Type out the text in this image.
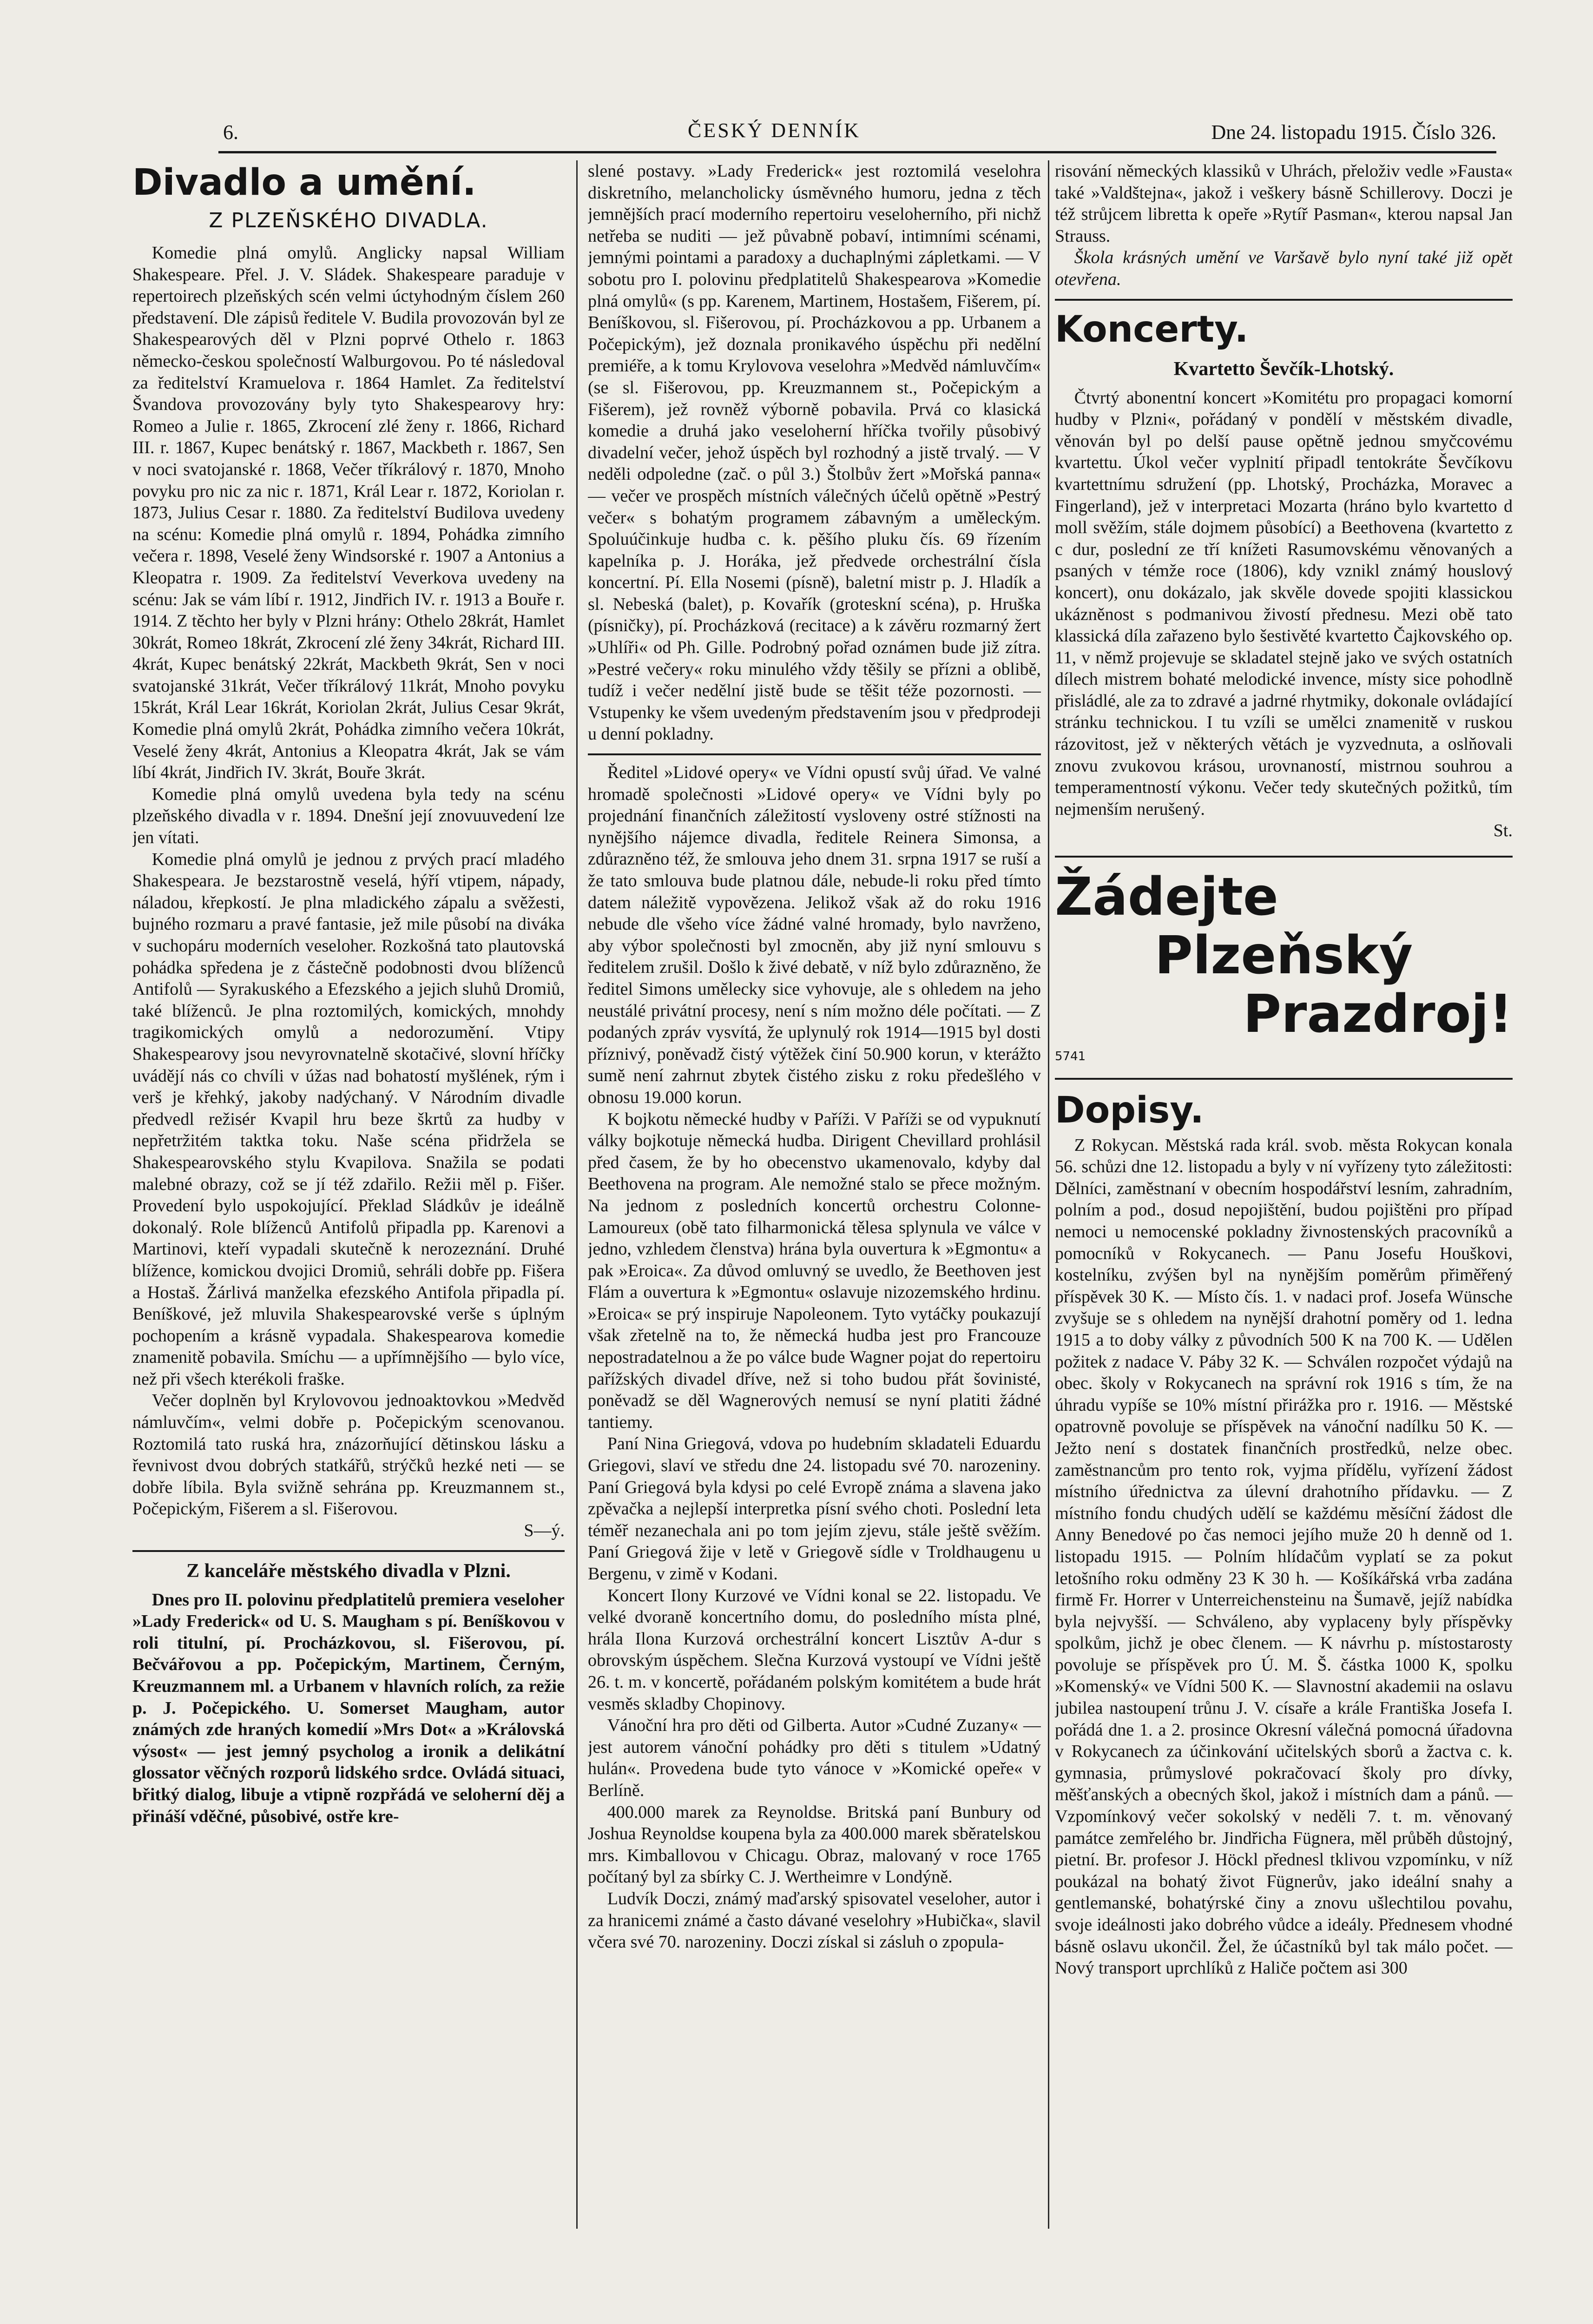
6.	ČESKÝ DENNÍK	Dne 24. listopadu 1915. Číslo 326.
Divadlo a umění.
Z PLZEŇSKÉHO DIVADLA.

Komedie plná omylů. Anglicky napsal William Shakespeare. Přel. J. V. Sládek. Shakespeare paraduje v repertoirech plzeňských scén velmi úctyhodným číslem 260 představení. Dle zápisů ředitele V. Budila provozován byl ze Shakespearových děl v Plzni poprvé Othelo r. 1863 německo-českou společností Walburgovou. Po té následoval za ředitelství Kramuelova r. 1864 Hamlet. Za ředitelství Švandova provozovány byly tyto Shakespearovy hry: Romeo a Julie r. 1865, Zkrocení zlé ženy r. 1866, Richard III. r. 1867, Kupec benátský r. 1867, Mackbeth r. 1867, Sen v noci svatojanské r. 1868, Večer tříkrálový r. 1870, Mnoho povyku pro nic za nic r. 1871, Král Lear r. 1872, Koriolan r. 1873, Julius Cesar r. 1880. Za ředitelství Budilova uvedeny na scénu: Komedie plná omylů r. 1894, Pohádka zimního večera r. 1898, Veselé ženy Windsorské r. 1907 a Antonius a Kleopatra r. 1909. Za ředitelství Veverkova uvedeny na scénu: Jak se vám líbí r. 1912, Jindřich IV. r. 1913 a Bouře r. 1914. Z těchto her byly v Plzni hrány: Othelo 28krát, Hamlet 30krát, Romeo 18krát, Zkrocení zlé ženy 34krát, Richard III. 4krát, Kupec benátský 22krát, Mackbeth 9krát, Sen v noci svatojanské 31krát, Večer tříkrálový 11krát, Mnoho povyku 15krát, Král Lear 16krát, Koriolan 2krát, Julius Cesar 9krát, Komedie plná omylů 2krát, Pohádka zimního večera 10krát, Veselé ženy 4krát, Antonius a Kleopatra 4krát, Jak se vám líbí 4krát, Jindřich IV. 3krát, Bouře 3krát.

Komedie plná omylů uvedena byla tedy na scénu plzeňského divadla v r. 1894. Dnešní její znovuuvedení lze jen vítati.

Komedie plná omylů je jednou z prvých prací mladého Shakespeara. Je bezstarostně veselá, hýří vtipem, nápady, náladou, křepkostí. Je plna mladického zápalu a svěžesti, bujného rozmaru a pravé fantasie, jež mile působí na diváka v suchopáru moderních veseloher. Rozkošná tato plautovská pohádka spředena je z částečně podobnosti dvou blíženců Antifolů — Syrakuského a Efezského a jejich sluhů Dromiů, také blíženců. Je plna roztomilých, komických, mnohdy tragikomických omylů a nedorozumění. Vtipy Shakespearovy jsou nevyrovnatelně skotačivé, slovní hříčky uvádějí nás co chvíli v úžas nad bohatostí myšlének, rým i verš je křehký, jakoby nadýchaný. V Národním divadle předvedl režisér Kvapil hru beze škrtů za hudby v nepřetržitém taktka toku. Naše scéna přidržela se Shakespearovského stylu Kvapilova. Snažila se podati malebné obrazy, což se jí též zdařilo. Režii měl p. Fišer. Provedení bylo uspokojující. Překlad Sládkův je ideálně dokonalý. Role blíženců Antifolů připadla pp. Karenovi a Martinovi, kteří vypadali skutečně k nerozeznání. Druhé blížence, komickou dvojici Dromiů, sehráli dobře pp. Fišera a Hostaš. Žárlivá manželka efezského Antifola připadla pí. Beníškové, jež mluvila Shakespearovské verše s úplným pochopením a krásně vypadala. Shakespearova komedie znamenitě pobavila. Smíchu — a upřímnějšího — bylo více, než při všech kterékoli fraške.

Večer doplněn byl Krylovovou jednoaktovkou »Medvěd námluvčím«, velmi dobře p. Počepickým scenovanou. Roztomilá tato ruská hra, znázorňující dětinskou lásku a řevnivost dvou dobrých statkářů, strýčků hezké neti — se dobře líbila. Byla svižně sehrána pp. Kreuzmannem st., Počepickým, Fišerem a sl. Fišerovou.

S—ý.

Z kanceláře městského divadla v Plzni.

Dnes pro II. polovinu předplatitelů premiera veseloher »Lady Frederick« od U. S. Maugham s pí. Beníškovou v roli titulní, pí. Procházkovou, sl. Fišerovou, pí. Bečvářovou a pp. Počepickým, Martinem, Černým, Kreuzmannem ml. a Urbanem v hlavních rolích, za režie p. J. Počepického. U. Somerset Maugham, autor známých zde hraných komedií »Mrs Dot« a »Královská výsost« — jest jemný psycholog a ironik a delikátní glossator věčných rozporů lidského srdce. Ovládá situaci, břitký dialog, libuje a vtipně rozpřádá ve seloherní děj a přináší vděčné, působivé, ostře kre-

slené postavy. »Lady Frederick« jest roztomilá veselohra diskretního, melancholicky úsměvného humoru, jedna z těch jemnějších prací moderního repertoiru veseloherního, při nichž netřeba se nuditi — jež půvabně pobaví, intimními scénami, jemnými pointami a paradoxy a duchaplnými zápletkami. — V sobotu pro I. polovinu předplatitelů Shakespearova »Komedie plná omylů« (s pp. Karenem, Martinem, Hostašem, Fišerem, pí. Beníškovou, sl. Fišerovou, pí. Procházkovou a pp. Urbanem a Počepickým), jež doznala pronikavého úspěchu při nedělní premiéře, a k tomu Krylovova veselohra »Medvěd námluvčím« (se sl. Fišerovou, pp. Kreuzmannem st., Počepickým a Fišerem), jež rovněž výborně pobavila. Prvá co klasická komedie a druhá jako veseloherní hříčka tvořily působivý divadelní večer, jehož úspěch byl rozhodný a jistě trvalý. — V neděli odpoledne (zač. o půl 3.) Štolbův žert »Mořská panna« — večer ve prospěch místních válečných účelů opětně »Pestrý večer« s bohatým programem zábavným a uměleckým. Spoluúčinkuje hudba c. k. pěšího pluku čís. 69 řízením kapelníka p. J. Horáka, jež předvede orchestrální čísla koncertní. Pí. Ella Nosemi (písně), baletní mistr p. J. Hladík a sl. Nebeská (balet), p. Kovařík (groteskní scéna), p. Hruška (písničky), pí. Procházková (recitace) a k závěru rozmarný žert »Uhlíři« od Ph. Gille. Podrobný pořad oznámen bude již zítra. »Pestré večery« roku minulého vždy těšily se přízni a oblibě, tudíž i večer nedělní jistě bude se těšit téže pozornosti. — Vstupenky ke všem uvedeným představením jsou v předprodeji u denní pokladny.

Ředitel »Lidové opery« ve Vídni opustí svůj úřad. Ve valné hromadě společnosti »Lidové opery« ve Vídni byly po projednání finančních záležitostí vysloveny ostré stížnosti na nynějšího nájemce divadla, ředitele Reinera Simonsa, a zdůrazněno též, že smlouva jeho dnem 31. srpna 1917 se ruší a že tato smlouva bude platnou dále, nebude-li roku před tímto datem náležitě vypovězena. Jelikož však až do roku 1916 nebude dle všeho více žádné valné hromady, bylo navrženo, aby výbor společnosti byl zmocněn, aby již nyní smlouvu s ředitelem zrušil. Došlo k živé debatě, v níž bylo zdůrazněno, že ředitel Simons umělecky sice vyhovuje, ale s ohledem na jeho neustálé privátní procesy, není s ním možno déle počítati. — Z podaných zpráv vysvítá, že uplynulý rok 1914—1915 byl dosti příznivý, poněvadž čistý výtěžek činí 50.900 korun, v kterážto sumě není zahrnut zbytek čistého zisku z roku předešlého v obnosu 19.000 korun.

K bojkotu německé hudby v Paříži. V Paříži se od vypuknutí války bojkotuje německá hudba. Dirigent Chevillard prohlásil před časem, že by ho obecenstvo ukamenovalo, kdyby dal Beethovena na program. Ale nemožné stalo se přece možným. Na jednom z posledních koncertů orchestru Colonne-Lamoureux (obě tato filharmonická tělesa splynula ve válce v jedno, vzhledem členstva) hrána byla ouvertura k »Egmontu« a pak »Eroica«. Za důvod omluvný se uvedlo, že Beethoven jest Flám a ouvertura k »Egmontu« oslavuje nizozemského hrdinu. »Eroica« se prý inspiruje Napoleonem. Tyto vytáčky poukazují však zřetelně na to, že německá hudba jest pro Francouze nepostradatelnou a že po válce bude Wagner pojat do repertoiru pařížských divadel dříve, než si toho budou přát šovinisté, poněvadž se děl Wagnerových nemusí se nyní platiti žádné tantiemy.

Paní Nina Griegová, vdova po hudebním skladateli Eduardu Griegovi, slaví ve středu dne 24. listopadu své 70. narozeniny. Paní Griegová byla kdysi po celé Evropě známa a slavena jako zpěvačka a nejlepší interpretka písní svého choti. Poslední leta téměř nezanechala ani po tom jejím zjevu, stále ještě svěžím. Paní Griegová žije v letě v Griegově sídle v Troldhaugenu u Bergenu, v zimě v Kodani.

Koncert Ilony Kurzové ve Vídni konal se 22. listopadu. Ve velké dvoraně koncertního domu, do posledního místa plné, hrála Ilona Kurzová orchestrální koncert Lisztův A-dur s obrovským úspěchem. Slečna Kurzová vystoupí ve Vídni ještě 26. t. m. v koncertě, pořádaném polským komitétem a bude hrát vesměs skladby Chopinovy.

Vánoční hra pro děti od Gilberta. Autor »Cudné Zuzany« — jest autorem vánoční pohádky pro děti s titulem »Udatný hulán«. Provedena bude tyto vánoce v »Komické opeře« v Berlíně.

400.000 marek za Reynoldse. Britská paní Bunbury od Joshua Reynoldse koupena byla za 400.000 marek sběratelskou mrs. Kimballovou v Chicagu. Obraz, malovaný v roce 1765 počítaný byl za sbírky C. J. Wertheimre v Londýně.

Ludvík Doczi, známý maďarský spisovatel veseloher, autor i za hranicemi známé a často dávané veselohry »Hubička«, slavil včera své 70. narozeniny. Doczi získal si zásluh o zpopula-

risování německých klassiků v Uhrách, přeloživ vedle »Fausta« také »Valdštejna«, jakož i veškery básně Schillerovy. Doczi je též strůjcem libretta k opeře »Rytíř Pasman«, kterou napsal Jan Strauss.

Škola krásných umění ve Varšavě bylo nyní také již opět otevřena.

Koncerty.
Kvartetto Ševčík-Lhotský.

Čtvrtý abonentní koncert »Komitétu pro propagaci komorní hudby v Plzni«, pořádaný v pondělí v městském divadle, věnován byl po delší pause opětně jednou smyčcovému kvartettu. Úkol večer vyplnití připadl tentokráte Ševčíkovu kvartettnímu sdružení (pp. Lhotský, Procházka, Moravec a Fingerland), jež v interpretaci Mozarta (hráno bylo kvartetto d moll svěžím, stále dojmem působící) a Beethovena (kvartetto z c dur, poslední ze tří knížeti Rasumovskému věnovaných a psaných v témže roce (1806), kdy vznikl známý houslový koncert), onu dokázalo, jak skvěle dovede spojiti klassickou ukázněnost s podmanivou živostí přednesu. Mezi obě tato klassická díla zařazeno bylo šestivěté kvartetto Čajkovského op. 11, v němž projevuje se skladatel stejně jako ve svých ostatních dílech mistrem bohaté melodické invence, místy sice pohodlně přisládlé, ale za to zdravé a jadrné rhytmiky, dokonale ovládající stránku technickou. I tu vzíli se umělci znamenitě v ruskou rázovitost, jež v některých větách je vyzvednuta, a oslňovali znovu zvukovou krásou, urovnaností, mistrnou souhrou a temperamentností výkonu. Večer tedy skutečných požitků, tím nejmenším nerušený.

St.

Žádejte
Plzeňský
Prazdroj!
5741
Dopisy.

Z Rokycan. Městská rada král. svob. města Rokycan konala 56. schůzi dne 12. listopadu a byly v ní vyřízeny tyto záležitosti: Dělníci, zaměstnaní v obecním hospodářství lesním, zahradním, polním a pod., dosud nepojištění, budou pojištěni pro případ nemoci u nemocenské pokladny živnostenských pracovníků a pomocníků v Rokycanech. — Panu Josefu Houškovi, kostelníku, zvýšen byl na nynějším poměrům přiměřený příspěvek 30 K. — Místo čís. 1. v nadaci prof. Josefa Wünsche zvyšuje se s ohledem na nynější drahotní poměry od 1. ledna 1915 a to doby války z původních 500 K na 700 K. — Udělen požitek z nadace V. Páby 32 K. — Schválen rozpočet výdajů na obec. školy v Rokycanech na správní rok 1916 s tím, že na úhradu vypíše se 10% místní přirážka pro r. 1916. — Městské opatrovně povoluje se příspěvek na vánoční nadílku 50 K. — Ježto není s dostatek finančních prostředků, nelze obec. zaměstnancům pro tento rok, vyjma přídělu, vyřízení žádost místního úřednictva za úlevní drahotního přídavku. — Z místního fondu chudých udělí se každému měsíční žádost dle Anny Benedové po čas nemoci jejího muže 20 h denně od 1. listopadu 1915. — Polním hlídačům vyplatí se za pokut letošního roku odměny 23 K 30 h. — Košíkářská vrba zadána firmě Fr. Horrer v Unterreichensteinu na Šumavě, jejíž nabídka byla nejvyšší. — Schváleno, aby vyplaceny byly příspěvky spolkům, jichž je obec členem. — K návrhu p. místostarosty povoluje se příspěvek pro Ú. M. Š. částka 1000 K, spolku »Komenský« ve Vídni 500 K. — Slavnostní akademii na oslavu jubilea nastoupení trůnu J. V. císaře a krále Františka Josefa I. pořádá dne 1. a 2. prosince Okresní válečná pomocná úřadovna v Rokycanech za účinkování učitelských sborů a žactva c. k. gymnasia, průmyslové pokračovací školy pro dívky, měšťanských a obecných škol, jakož i místních dam a pánů. — Vzpomínkový večer sokolský v neděli 7. t. m. věnovaný památce zemřelého br. Jindřicha Fügnera, měl průběh důstojný, pietní. Br. profesor J. Höckl přednesl tklivou vzpomínku, v níž poukázal na bohatý život Fügnerův, jako ideální snahy a gentlemanské, bohatýrské činy a znovu ušlechtilou povahu, svoje ideálnosti jako dobrého vůdce a ideály. Přednesem vhodné básně oslavu ukončil. Žel, že účastníků byl tak málo počet. — Nový transport uprchlíků z Haliče počtem asi 300
